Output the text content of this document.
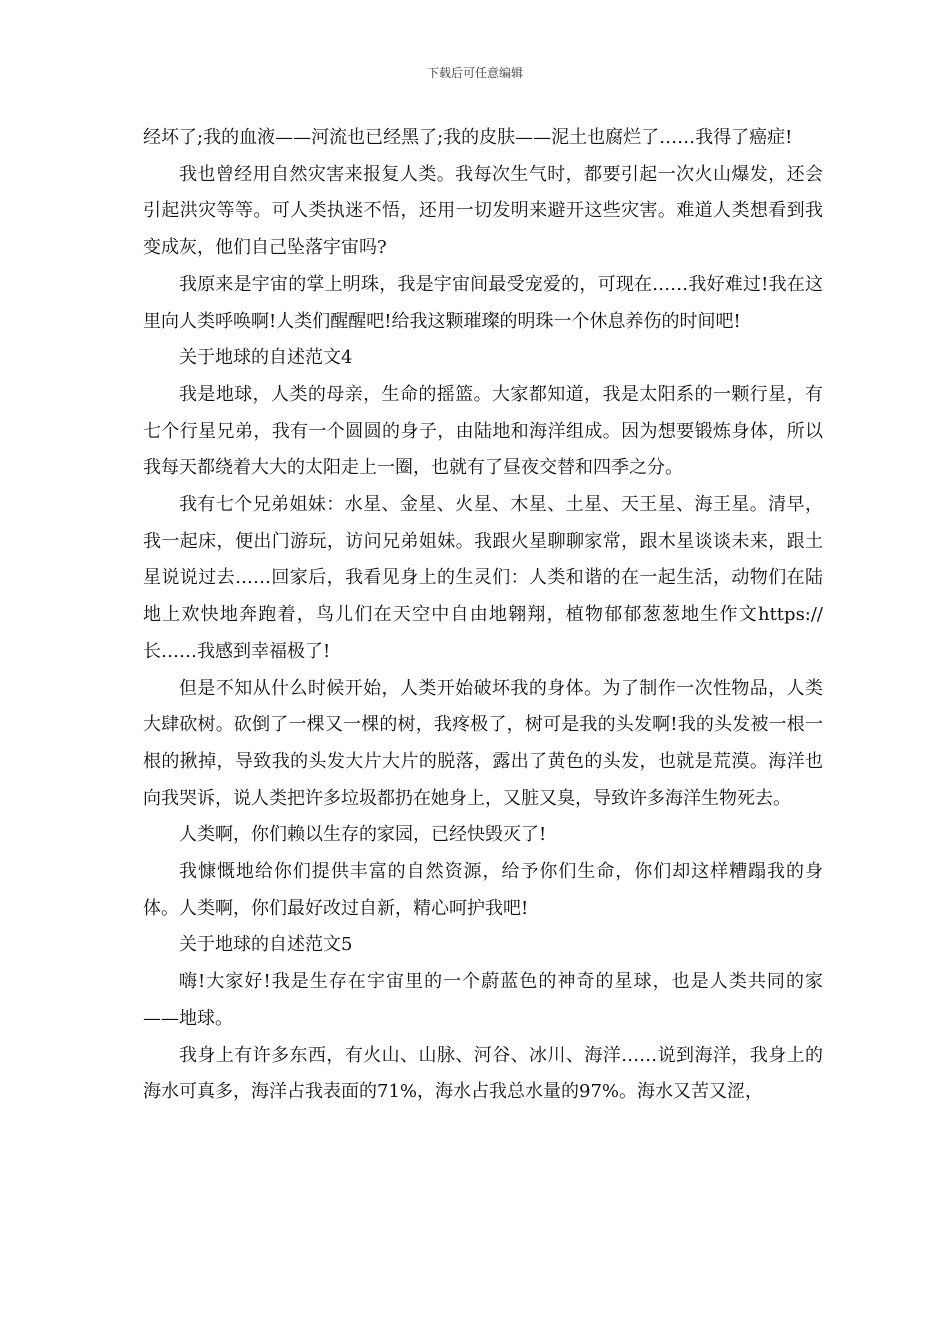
下载后可任意编辑

经坏了;我的血液——河流也已经黑了;我的皮肤——泥土也腐烂了……我得了癌症!

我也曾经用自然灾害来报复人类。我每次生气时，都要引起一次火山爆发，还会引起洪灾等等。可人类执迷不悟，还用一切发明来避开这些灾害。难道人类想看到我变成灰，他们自己坠落宇宙吗?

我原来是宇宙的掌上明珠，我是宇宙间最受宠爱的，可现在……我好难过!我在这里向人类呼唤啊!人类们醒醒吧!给我这颗璀璨的明珠一个休息养伤的时间吧!

关于地球的自述范文4

我是地球，人类的母亲，生命的摇篮。大家都知道，我是太阳系的一颗行星，有七个行星兄弟，我有一个圆圆的身子，由陆地和海洋组成。因为想要锻炼身体，所以我每天都绕着大大的太阳走上一圈，也就有了昼夜交替和四季之分。

我有七个兄弟姐妹：水星、金星、火星、木星、土星、天王星、海王星。清早，我一起床，便出门游玩，访问兄弟姐妹。我跟火星聊聊家常，跟木星谈谈未来，跟土星说说过去……回家后，我看见身上的生灵们：人类和谐的在一起生活，动物们在陆地上欢快地奔跑着，鸟儿们在天空中自由地翱翔，植物郁郁葱葱地生作文https://长……我感到幸福极了!

但是不知从什么时候开始，人类开始破坏我的身体。为了制作一次性物品，人类大肆砍树。砍倒了一棵又一棵的树，我疼极了，树可是我的头发啊!我的头发被一根一根的揪掉，导致我的头发大片大片的脱落，露出了黄色的头发，也就是荒漠。海洋也向我哭诉，说人类把许多垃圾都扔在她身上，又脏又臭，导致许多海洋生物死去。

人类啊，你们赖以生存的家园，已经快毁灭了!

我慷慨地给你们提供丰富的自然资源，给予你们生命，你们却这样糟蹋我的身体。人类啊，你们最好改过自新，精心呵护我吧!

关于地球的自述范文5

嗨!大家好!我是生存在宇宙里的一个蔚蓝色的神奇的星球，也是人类共同的家——地球。

我身上有许多东西，有火山、山脉、河谷、冰川、海洋……说到海洋，我身上的海水可真多，海洋占我表面的71%，海水占我总水量的97%。海水又苦又涩，
